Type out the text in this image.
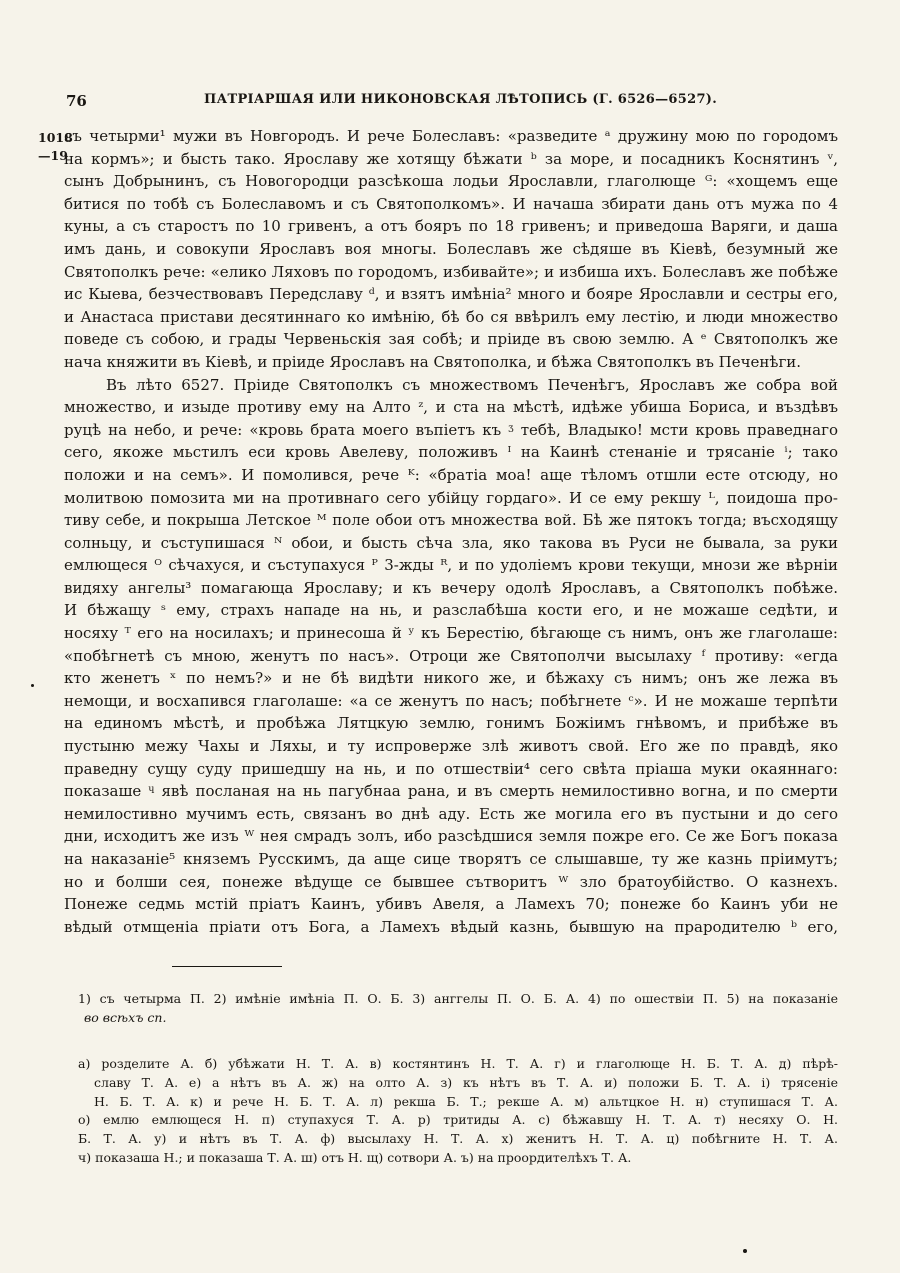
76	ПАТРІАРШАЯ ИЛИ НИКОНОВСКАЯ ЛѢТОПИСЬ (Г. 6526—6527).
1018
—19
съ четырми¹ мужи въ Новгородъ. И рече Болеславъ: «разведите ᵃ дружину мою по городомъ
на кормъ»; и бысть тако. Ярославу же хотящу бѣжати ᵇ за море, и посадникъ Коснятинъ ᵛ,
сынъ Добрынинъ, съ Новогородци разсѣкоша лодьи Ярославли, глаголюще ᴳ: «хощемъ еще
битися по тобѣ съ Болеславомъ и съ Святополкомъ». И начаша збирати дань отъ мужа по 4
куны, а съ старостъ по 10 гривенъ, а отъ бояръ по 18 гривенъ; и приведоша Варяги, и даша
имъ дань, и совокупи Ярославъ воя многы. Болеславъ же сѣдяше въ Кіевѣ, безумный же
Святополкъ рече: «елико Ляховъ по городомъ, избивайте»; и избиша ихъ. Болеславъ же побѣже
ис Кыева, безчествовавъ Передславу ᵈ, и взятъ имѣніа² много и бояре Ярославли и сестры его,
и Анастаса пристави десятиннаго ко имѣнію, бѣ бо ся ввѣрилъ ему лестію, и люди множество
поведе съ собою, и грады Червеньскія зая собѣ; и пріиде въ свою землю. А ᵉ Святополкъ же
нача княжити въ Кіевѣ, и пріиде Ярославъ на Святополка, и бѣжа Святополкъ въ Печенѣги.
Въ лѣто 6527. Пріиде Святополкъ съ множествомъ Печенѣгъ, Ярославъ же собра вой
множество, и изыде противу ему на Алто ᶻ, и ста на мѣстѣ, идѣже убиша Бориса, и въздѣвъ
руцѣ на небо, и рече: «кровь брата моего въпіетъ къ ᶾ тебѣ, Владыко! мсти кровь праведнаго
сего, якоже мьстилъ еси кровь Авелеву, положивъ ᴵ на Каинѣ стенаніе и трясаніе ⁱ; тако
положи и на семъ». И помолився, рече ᴷ: «братіа моа! аще тѣломъ отшли есте отсюду, но
молитвою помозита ми на противнаго сего убійцу гордаго». И се ему рекшу ᴸ, поидоша про-
тиву себе, и покрыша Летское ᴹ поле обои отъ множества вой. Бѣ же пятокъ тогда; въсходящу
солньцу, и съступишася ᴺ обои, и бысть сѣча зла, яко такова въ Руси не бывала, за руки
емлющеся ᴼ сѣчахуся, и съступахуся ᴾ 3-жды ᴿ, и по удоліемъ крови текущи, мнози же вѣрніи
видяху ангелы³ помагающа Ярославу; и къ вечеру одолѣ Ярославъ, а Святополкъ побѣже.
И бѣжащу ˢ ему, страхъ нападе на нь, и разслабѣша кости его, и не можаше седѣти, и
носяху ᵀ его на носилахъ; и принесоша й ʸ къ Берестію, бѣгающе съ нимъ, онъ же глаголаше:
«побѣгнетѣ съ мною, женутъ по насъ». Отроци же Святополчи высылаху ᶠ противу: «егда
кто женетъ ˣ по немъ?» и не бѣ видѣти никого же, и бѣжаху съ нимъ; онъ же лежа въ
немощи, и восхапився глаголаше: «а се женутъ по насъ; побѣгнете ᶜ». И не можаше терпѣти
на единомъ мѣстѣ, и пробѣжа Лятцкую землю, гонимъ Божіимъ гнѣвомъ, и прибѣже въ
пустыню межу Чахы и Ляхы, и ту испроверже злѣ животъ свой. Его же по правдѣ, яко
праведну сущу суду пришедшу на нь, и по отшествіи⁴ сего свѣта пріаша муки окаяннаго:
показаше ᶣ явѣ посланая на нь пагубнаа рана, и въ смерть немилостивно вогна, и по смерти
немилостивно мучимъ есть, связанъ во днѣ аду. Есть же могила его въ пустыни и до сего
дни, исходитъ же изъ ᵂ нея смрадъ золъ, ибо разсѣдшися земля пожре его. Се же Богъ показа
на наказаніе⁵ княземъ Русскимъ, да аще сице творятъ се слышавше, ту же казнь пріимутъ;
но и болши сея, понеже вѣдуще се бывшее сътворитъ ᵂ зло братоубійство. О казнехъ.
Понеже седмь мстій пріатъ Каинъ, убивъ Авеля, а Ламехъ 70; понеже бо Каинъ уби не
вѣдый отмщеніа пріати отъ Бога, а Ламехъ вѣдый казнь, бывшую на прародителю ᵇ его,
1) съ четырма П. 2) имѣніе имѣніа П. О. Б. 3) анггелы П. О. Б. А. 4) по ошествіи П. 5) на показаніе
во всѣхъ сп.
а) розделите А. б) убѣжати Н. Т. А. в) костянтинъ Н. Т. А. г) и глаголюще Н. Б. Т. А. д) пѣрѣ-
славу Т. А. е) а нѣтъ въ А. ж) на олто А. з) къ нѣтъ въ Т. А. и) положи Б. Т. А. і) трясеніе
Н. Б. Т. А. к) и рече Н. Б. Т. А. л) рекша Б. Т.; рекше А. м) альтцкое Н. н) ступишася Т. А.
о) емлю емлющеся Н. п) ступахуся Т. А. р) тритиды А. с) бѣжавшу Н. Т. А. т) несяху О. Н.
Б. Т. А. у) и нѣтъ въ Т. А. ф) высылаху Н. Т. А. х) женитъ Н. Т. А. ц) побѣгните Н. Т. А.
ч) показаша Н.; и показаша Т. А. ш) отъ Н. щ) сотвори А. ъ) на проордителѣхъ Т. А.
